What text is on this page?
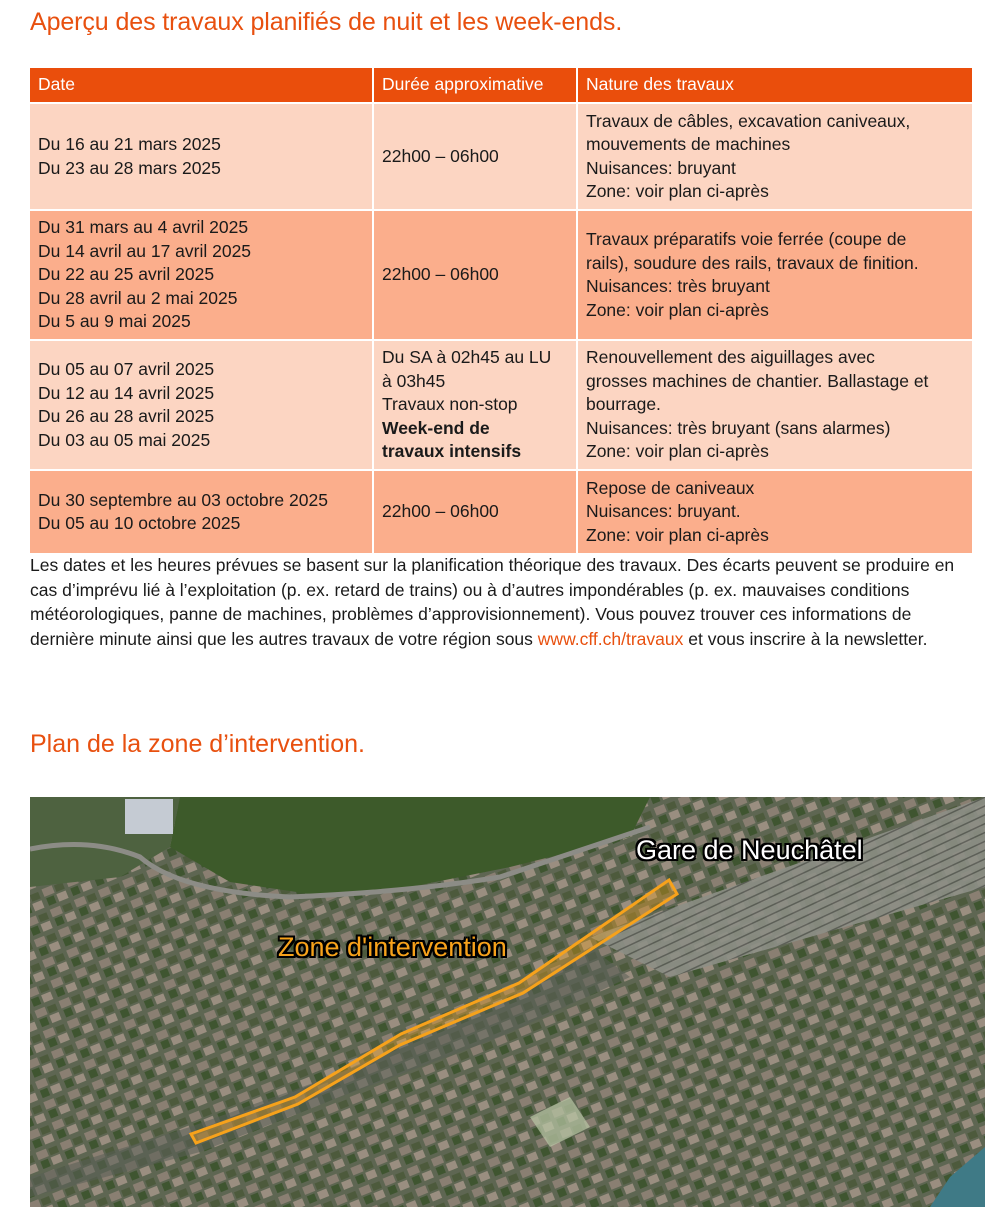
Aperçu des travaux planifiés de nuit et les week-ends.
Date	Durée approximative	Nature des travaux

Du 16 au 21 mars 2025
Du 23 au 28 mars 2025	22h00 – 06h00	Travaux de câbles, excavation caniveaux,
mouvements de machines
Nuisances: bruyant
Zone: voir plan ci-après

Du 31 mars au 4 avril 2025
Du 14 avril au 17 avril 2025
Du 22 au 25 avril 2025
Du 28 avril au 2 mai 2025
Du 5 au 9 mai 2025	22h00 – 06h00	Travaux préparatifs voie ferrée (coupe de
rails), soudure des rails, travaux de finition.
Nuisances: très bruyant
Zone: voir plan ci-après

Du 05 au 07 avril 2025
Du 12 au 14 avril 2025
Du 26 au 28 avril 2025
Du 03 au 05 mai 2025	Du SA à 02h45 au LU
à 03h45
Travaux non-stop
Week-end de
travaux intensifs	Renouvellement des aiguillages avec
grosses machines de chantier. Ballastage et
bourrage.
Nuisances: très bruyant (sans alarmes)
Zone: voir plan ci-après

Du 30 septembre au 03 octobre 2025
Du 05 au 10 octobre 2025	22h00 – 06h00	Repose de caniveaux
Nuisances: bruyant.
Zone: voir plan ci-après

Les dates et les heures prévues se basent sur la planification théorique des travaux. Des écarts peuvent se produire en cas d’imprévu lié à l’exploitation (p. ex. retard de trains) ou à d’autres impondérables (p. ex. mauvaises conditions météorologiques, panne de machines, problèmes d’approvisionnement). Vous pouvez trouver ces informations de dernière minute ainsi que les autres travaux de votre région sous www.cff.ch/travaux et vous inscrire à la newsletter.

Plan de la zone d’intervention.
Gare de Neuchâtel
Zone d'intervention
